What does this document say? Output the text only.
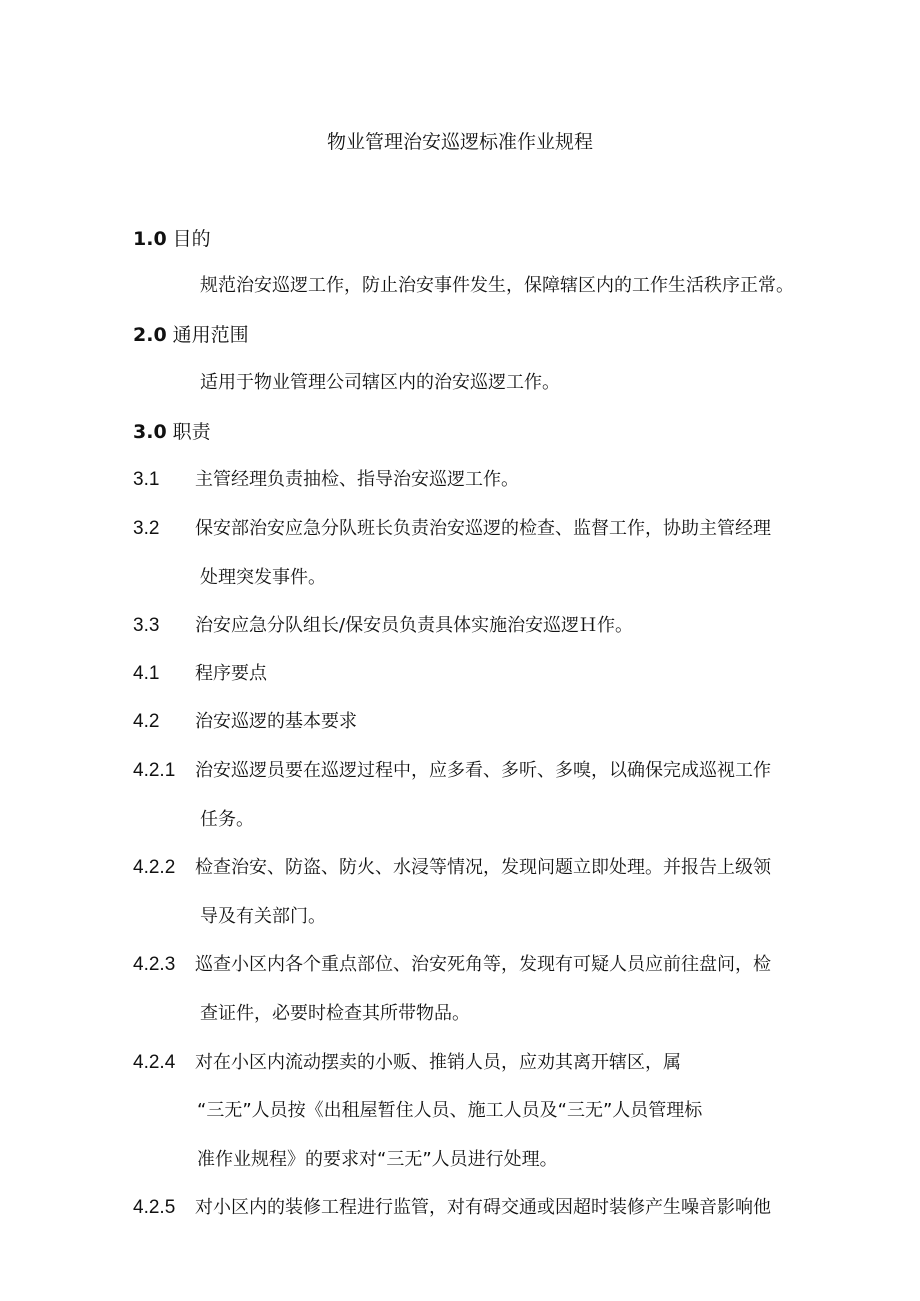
物业管理治安巡逻标准作业规程
1.0 目的
规范治安巡逻工作，防止治安事件发生，保障辖区内的工作生活秩序正常。
2.0 通用范围
适用于物业管理公司辖区内的治安巡逻工作。
3.0 职责
3.1 主管经理负责抽检、指导治安巡逻工作。
3.2 保安部治安应急分队班长负责治安巡逻的检查、监督工作，协助主管经理
处理突发事件。
3.3 治安应急分队组长/保安员负责具体实施治安巡逻Ｈ作。
4.1 程序要点
4.2 治安巡逻的基本要求
4.2.1 治安巡逻员要在巡逻过程中，应多看、多听、多嗅，以确保完成巡视工作
任务。
4.2.2 检查治安、防盗、防火、水浸等情况，发现问题立即处理。并报告上级领
导及有关部门。
4.2.3 巡查小区内各个重点部位、治安死角等，发现有可疑人员应前往盘问，检
查证件，必要时检查其所带物品。
4.2.4 对在小区内流动摆卖的小贩、推销人员，应劝其离开辖区，属
“三无”人员按《出租屋暂住人员、施工人员及“三无”人员管理标
准作业规程》的要求对“三无”人员进行处理。
4.2.5 对小区内的装修工程进行监管，对有碍交通或因超时装修产生噪音影响他
